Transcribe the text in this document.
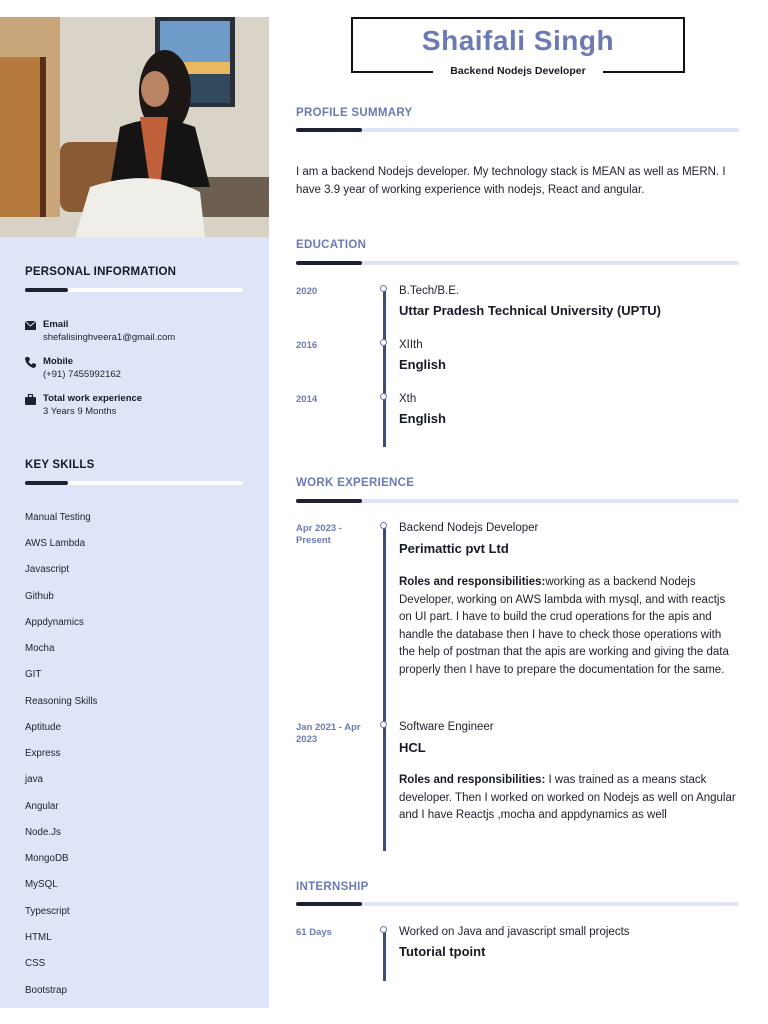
PERSONAL INFORMATION
Email
shefalisinghveera1@gmail.com
Mobile
(+91) 7455992162
Total work experience
3 Years 9 Months
KEY SKILLS
Manual Testing
AWS Lambda
Javascript
Github
Appdynamics
Mocha
GIT
Reasoning Skills
Aptitude
Express
java
Angular
Node.Js
MongoDB
MySQL
Typescript
HTML
CSS
Bootstrap
Shaifali Singh
Backend Nodejs Developer
PROFILE SUMMARY
I am a backend Nodejs developer. My technology stack is MEAN as well as MERN. I have 3.9 year of working experience with nodejs, React and angular.
EDUCATION
2020	B.Tech/B.E.
Uttar Pradesh Technical University (UPTU)
2016	XIIth
English
2014	Xth
English
WORK EXPERIENCE
Apr 2023 - Present
Backend Nodejs Developer
Perimattic pvt Ltd
Roles and responsibilities:working as a backend Nodejs Developer, working on AWS lambda with mysql, and with reactjs on UI part. I have to build the crud operations for the apis and handle the database then I have to check those operations with the help of postman that the apis are working and giving the data properly then I have to prepare the documentation for the same.
Jan 2021 - Apr 2023
Software Engineer
HCL
Roles and responsibilities: I was trained as a means stack developer. Then I worked on worked on Nodejs as well on Angular and I have Reactjs ,mocha and appdynamics as well
INTERNSHIP
61 Days	Worked on Java and javascript small projects
Tutorial tpoint
